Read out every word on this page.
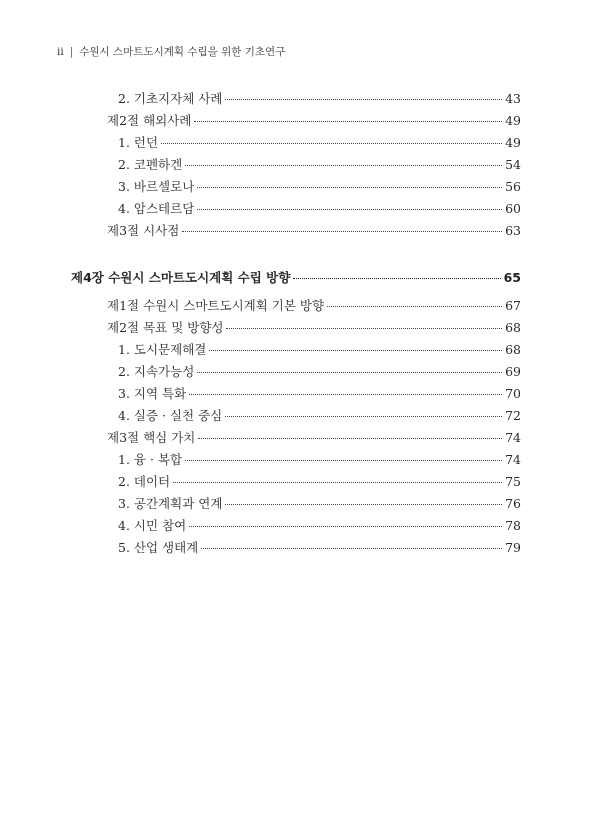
ii | 수원시 스마트도시계획 수립을 위한 기초연구
2. 기초지자체 사례	43
제2절 해외사례	49
1. 런던	49
2. 코펜하겐	54
3. 바르셀로나	56
4. 암스테르담	60
제3절 시사점	63
제4장 수원시 스마트도시계획 수립 방향	65
제1절 수원시 스마트도시계획 기본 방향	67
제2절 목표 및 방향성	68
1. 도시문제해결	68
2. 지속가능성	69
3. 지역 특화	70
4. 실증 · 실천 중심	72
제3절 핵심 가치	74
1. 융 · 복합	74
2. 데이터	75
3. 공간계획과 연계	76
4. 시민 참여	78
5. 산업 생태계	79
